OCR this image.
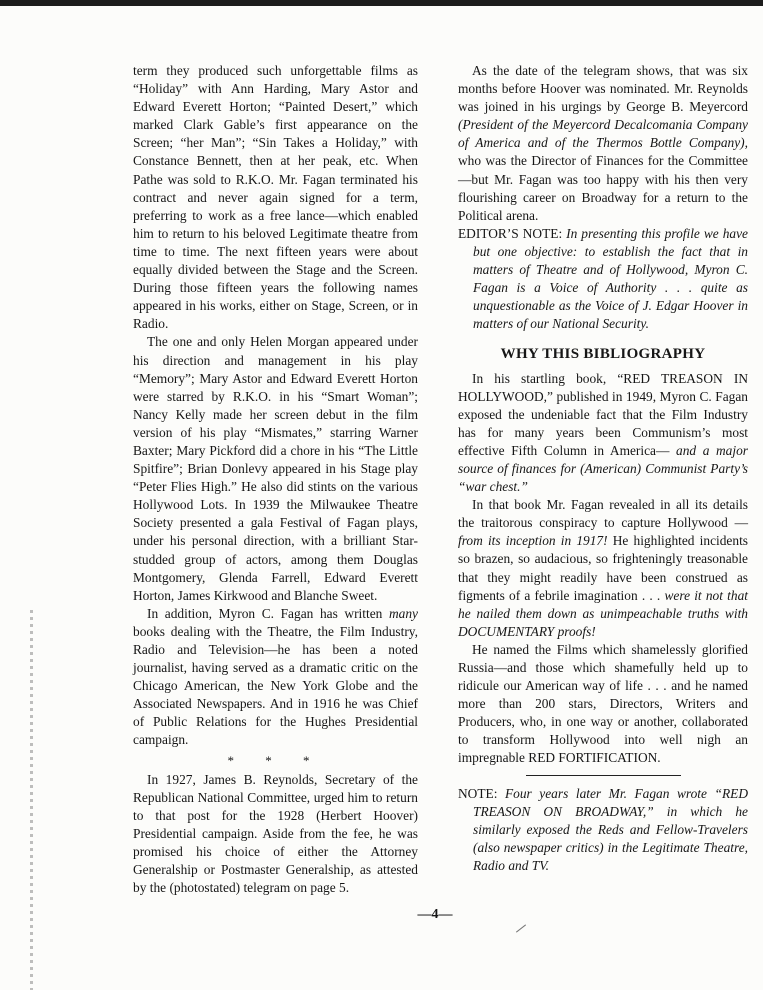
term they produced such unforgettable films as “Holiday” with Ann Harding, Mary Astor and Edward Everett Horton; “Painted Desert,” which marked Clark Gable’s first appearance on the Screen; “her Man”; “Sin Takes a Holiday,” with Constance Bennett, then at her peak, etc. When Pathe was sold to R.K.O. Mr. Fagan terminated his contract and never again signed for a term, preferring to work as a free lance—which enabled him to return to his beloved Legitimate theatre from time to time. The next fifteen years were about equally divided between the Stage and the Screen. During those fifteen years the following names appeared in his works, either on Stage, Screen, or in Radio.

The one and only Helen Morgan appeared under his direction and management in his play “Memory”; Mary Astor and Edward Everett Horton were starred by R.K.O. in his “Smart Woman”; Nancy Kelly made her screen debut in the film version of his play “Mismates,” starring Warner Baxter; Mary Pickford did a chore in his “The Little Spitfire”; Brian Donlevy appeared in his Stage play “Peter Flies High.” He also did stints on the various Hollywood Lots. In 1939 the Milwaukee Theatre Society presented a gala Festival of Fagan plays, under his personal direction, with a brilliant Star-studded group of actors, among them Douglas Montgomery, Glenda Farrell, Edward Everett Horton, James Kirkwood and Blanche Sweet.

In addition, Myron C. Fagan has written many books dealing with the Theatre, the Film Industry, Radio and Television—he has been a noted journalist, having served as a dramatic critic on the Chicago American, the New York Globe and the Associated Newspapers. And in 1916 he was Chief of Public Relations for the Hughes Presidential campaign.

* * *

In 1927, James B. Reynolds, Secretary of the Republican National Committee, urged him to return to that post for the 1928 (Herbert Hoover) Presidential campaign. Aside from the fee, he was promised his choice of either the Attorney Generalship or Postmaster Generalship, as attested by the (photostated) telegram on page 5.

As the date of the telegram shows, that was six months before Hoover was nominated. Mr. Reynolds was joined in his urgings by George B. Meyercord (President of the Meyercord Decalcomania Company of America and of the Thermos Bottle Company), who was the Director of Finances for the Committee—but Mr. Fagan was too happy with his then very flourishing career on Broadway for a return to the Political arena.

EDITOR’S NOTE: In presenting this profile we have but one objective: to establish the fact that in matters of Theatre and of Hollywood, Myron C. Fagan is a Voice of Authority . . . quite as unquestionable as the Voice of J. Edgar Hoover in matters of our National Security.

WHY THIS BIBLIOGRAPHY

In his startling book, “RED TREASON IN HOLLYWOOD,” published in 1949, Myron C. Fagan exposed the undeniable fact that the Film Industry has for many years been Communism’s most effective Fifth Column in America— and a major source of finances for (American) Communist Party’s “war chest.”

In that book Mr. Fagan revealed in all its details the traitorous conspiracy to capture Hollywood — from its inception in 1917! He highlighted incidents so brazen, so audacious, so frighteningly treasonable that they might readily have been construed as figments of a febrile imagination . . . were it not that he nailed them down as unimpeachable truths with DOCUMENTARY proofs!

He named the Films which shamelessly glorified Russia—and those which shamefully held up to ridicule our American way of life . . . and he named more than 200 stars, Directors, Writers and Producers, who, in one way or another, collaborated to transform Hollywood into well nigh an impregnable RED FORTIFICATION.

NOTE: Four years later Mr. Fagan wrote “RED TREASON ON BROADWAY,” in which he similarly exposed the Reds and Fellow-Travelers (also newspaper critics) in the Legitimate Theatre, Radio and TV.

—4—
